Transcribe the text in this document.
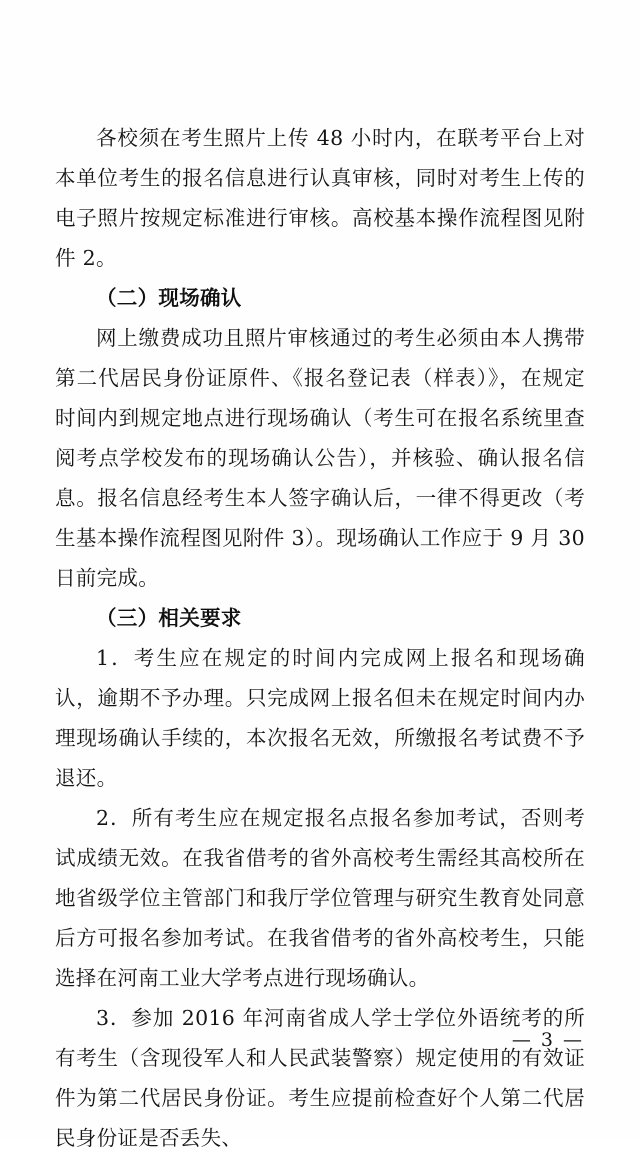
各校须在考生照片上传 48 小时内，在联考平台上对本单位考生的报名信息进行认真审核，同时对考生上传的电子照片按规定标准进行审核。高校基本操作流程图见附件 2。

（二）现场确认

网上缴费成功且照片审核通过的考生必须由本人携带第二代居民身份证原件、《报名登记表（样表）》，在规定时间内到规定地点进行现场确认（考生可在报名系统里查阅考点学校发布的现场确认公告），并核验、确认报名信息。报名信息经考生本人签字确认后，一律不得更改（考生基本操作流程图见附件 3）。现场确认工作应于 9 月 30 日前完成。

（三）相关要求

1．考生应在规定的时间内完成网上报名和现场确认，逾期不予办理。只完成网上报名但未在规定时间内办理现场确认手续的，本次报名无效，所缴报名考试费不予退还。

2．所有考生应在规定报名点报名参加考试，否则考试成绩无效。在我省借考的省外高校考生需经其高校所在地省级学位主管部门和我厅学位管理与研究生教育处同意后方可报名参加考试。在我省借考的省外高校考生，只能选择在河南工业大学考点进行现场确认。

3．参加 2016 年河南省成人学士学位外语统考的所有考生（含现役军人和人民武装警察）规定使用的有效证件为第二代居民身份证。考生应提前检查好个人第二代居民身份证是否丢失、

— 3 —
